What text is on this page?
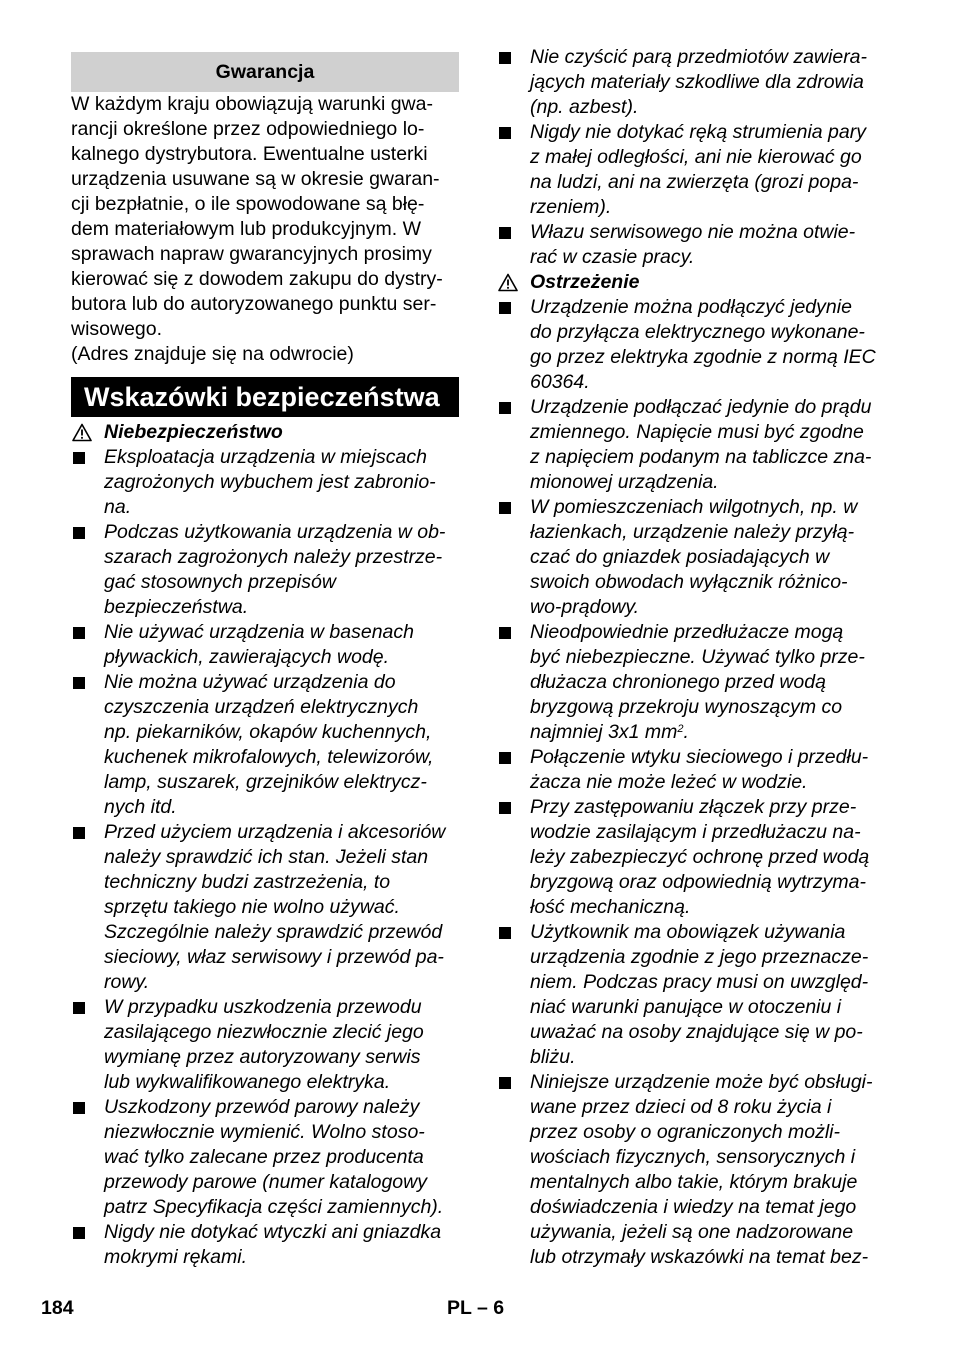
Gwarancja
W każdym kraju obowiązują warunki gwa-
rancji określone przez odpowiedniego lo-
kalnego dystrybutora. Ewentualne usterki
urządzenia usuwane są w okresie gwaran-
cji bezpłatnie, o ile spowodowane są błę-
dem materiałowym lub produkcyjnym. W
sprawach napraw gwarancyjnych prosimy
kierować się z dowodem zakupu do dystry-
butora lub do autoryzowanego punktu ser-
wisowego.
(Adres znajduje się na odwrocie)
Wskazówki bezpieczeństwa
Niebezpieczeństwo
Eksploatacja urządzenia w miejscach
zagrożonych wybuchem jest zabronio-
na.
Podczas użytkowania urządzenia w ob-
szarach zagrożonych należy przestrze-
gać stosownych przepisów
bezpieczeństwa.
Nie używać urządzenia w basenach
pływackich, zawierających wodę.
Nie można używać urządzenia do
czyszczenia urządzeń elektrycznych
np. piekarników, okapów kuchennych,
kuchenek mikrofalowych, telewizorów,
lamp, suszarek, grzejników elektrycz-
nych itd.
Przed użyciem urządzenia i akcesoriów
należy sprawdzić ich stan. Jeżeli stan
techniczny budzi zastrzeżenia, to
sprzętu takiego nie wolno używać.
Szczególnie należy sprawdzić przewód
sieciowy, właz serwisowy i przewód pa-
rowy.
W przypadku uszkodzenia przewodu
zasilającego niezwłocznie zlecić jego
wymianę przez autoryzowany serwis
lub wykwalifikowanego elektryka.
Uszkodzony przewód parowy należy
niezwłocznie wymienić. Wolno stoso-
wać tylko zalecane przez producenta
przewody parowe (numer katalogowy
patrz Specyfikacja części zamiennych).
Nigdy nie dotykać wtyczki ani gniazdka
mokrymi rękami.
Nie czyścić parą przedmiotów zawiera-
jących materiały szkodliwe dla zdrowia
(np. azbest).
Nigdy nie dotykać ręką strumienia pary
z małej odległości, ani nie kierować go
na ludzi, ani na zwierzęta (grozi popa-
rzeniem).
Włazu serwisowego nie można otwie-
rać w czasie pracy.
Ostrzeżenie
Urządzenie można podłączyć jedynie
do przyłącza elektrycznego wykonane-
go przez elektryka zgodnie z normą IEC
60364.
Urządzenie podłączać jedynie do prądu
zmiennego. Napięcie musi być zgodne
z napięciem podanym na tabliczce zna-
mionowej urządzenia.
W pomieszczeniach wilgotnych, np. w
łazienkach, urządzenie należy przyłą-
czać do gniazdek posiadających w
swoich obwodach wyłącznik różnico-
wo-prądowy.
Nieodpowiednie przedłużacze mogą
być niebezpieczne. Używać tylko prze-
dłużacza chronionego przed wodą
bryzgową przekroju wynoszącym co
najmniej 3x1 $mm^2$.
Połączenie wtyku sieciowego i przedłu-
żacza nie może leżeć w wodzie.
Przy zastępowaniu złączek przy prze-
wodzie zasilającym i przedłużaczu na-
leży zabezpieczyć ochronę przed wodą
bryzgową oraz odpowiednią wytrzyma-
łość mechaniczną.
Użytkownik ma obowiązek używania
urządzenia zgodnie z jego przeznacze-
niem. Podczas pracy musi on uwzględ-
niać warunki panujące w otoczeniu i
uważać na osoby znajdujące się w po-
bliżu.
Niniejsze urządzenie może być obsługi-
wane przez dzieci od 8 roku życia i
przez osoby o ograniczonych możli-
wościach fizycznych, sensorycznych i
mentalnych albo takie, którym brakuje
doświadczenia i wiedzy na temat jego
używania, jeżeli są one nadzorowane
lub otrzymały wskazówki na temat bez-
184	PL – 6
